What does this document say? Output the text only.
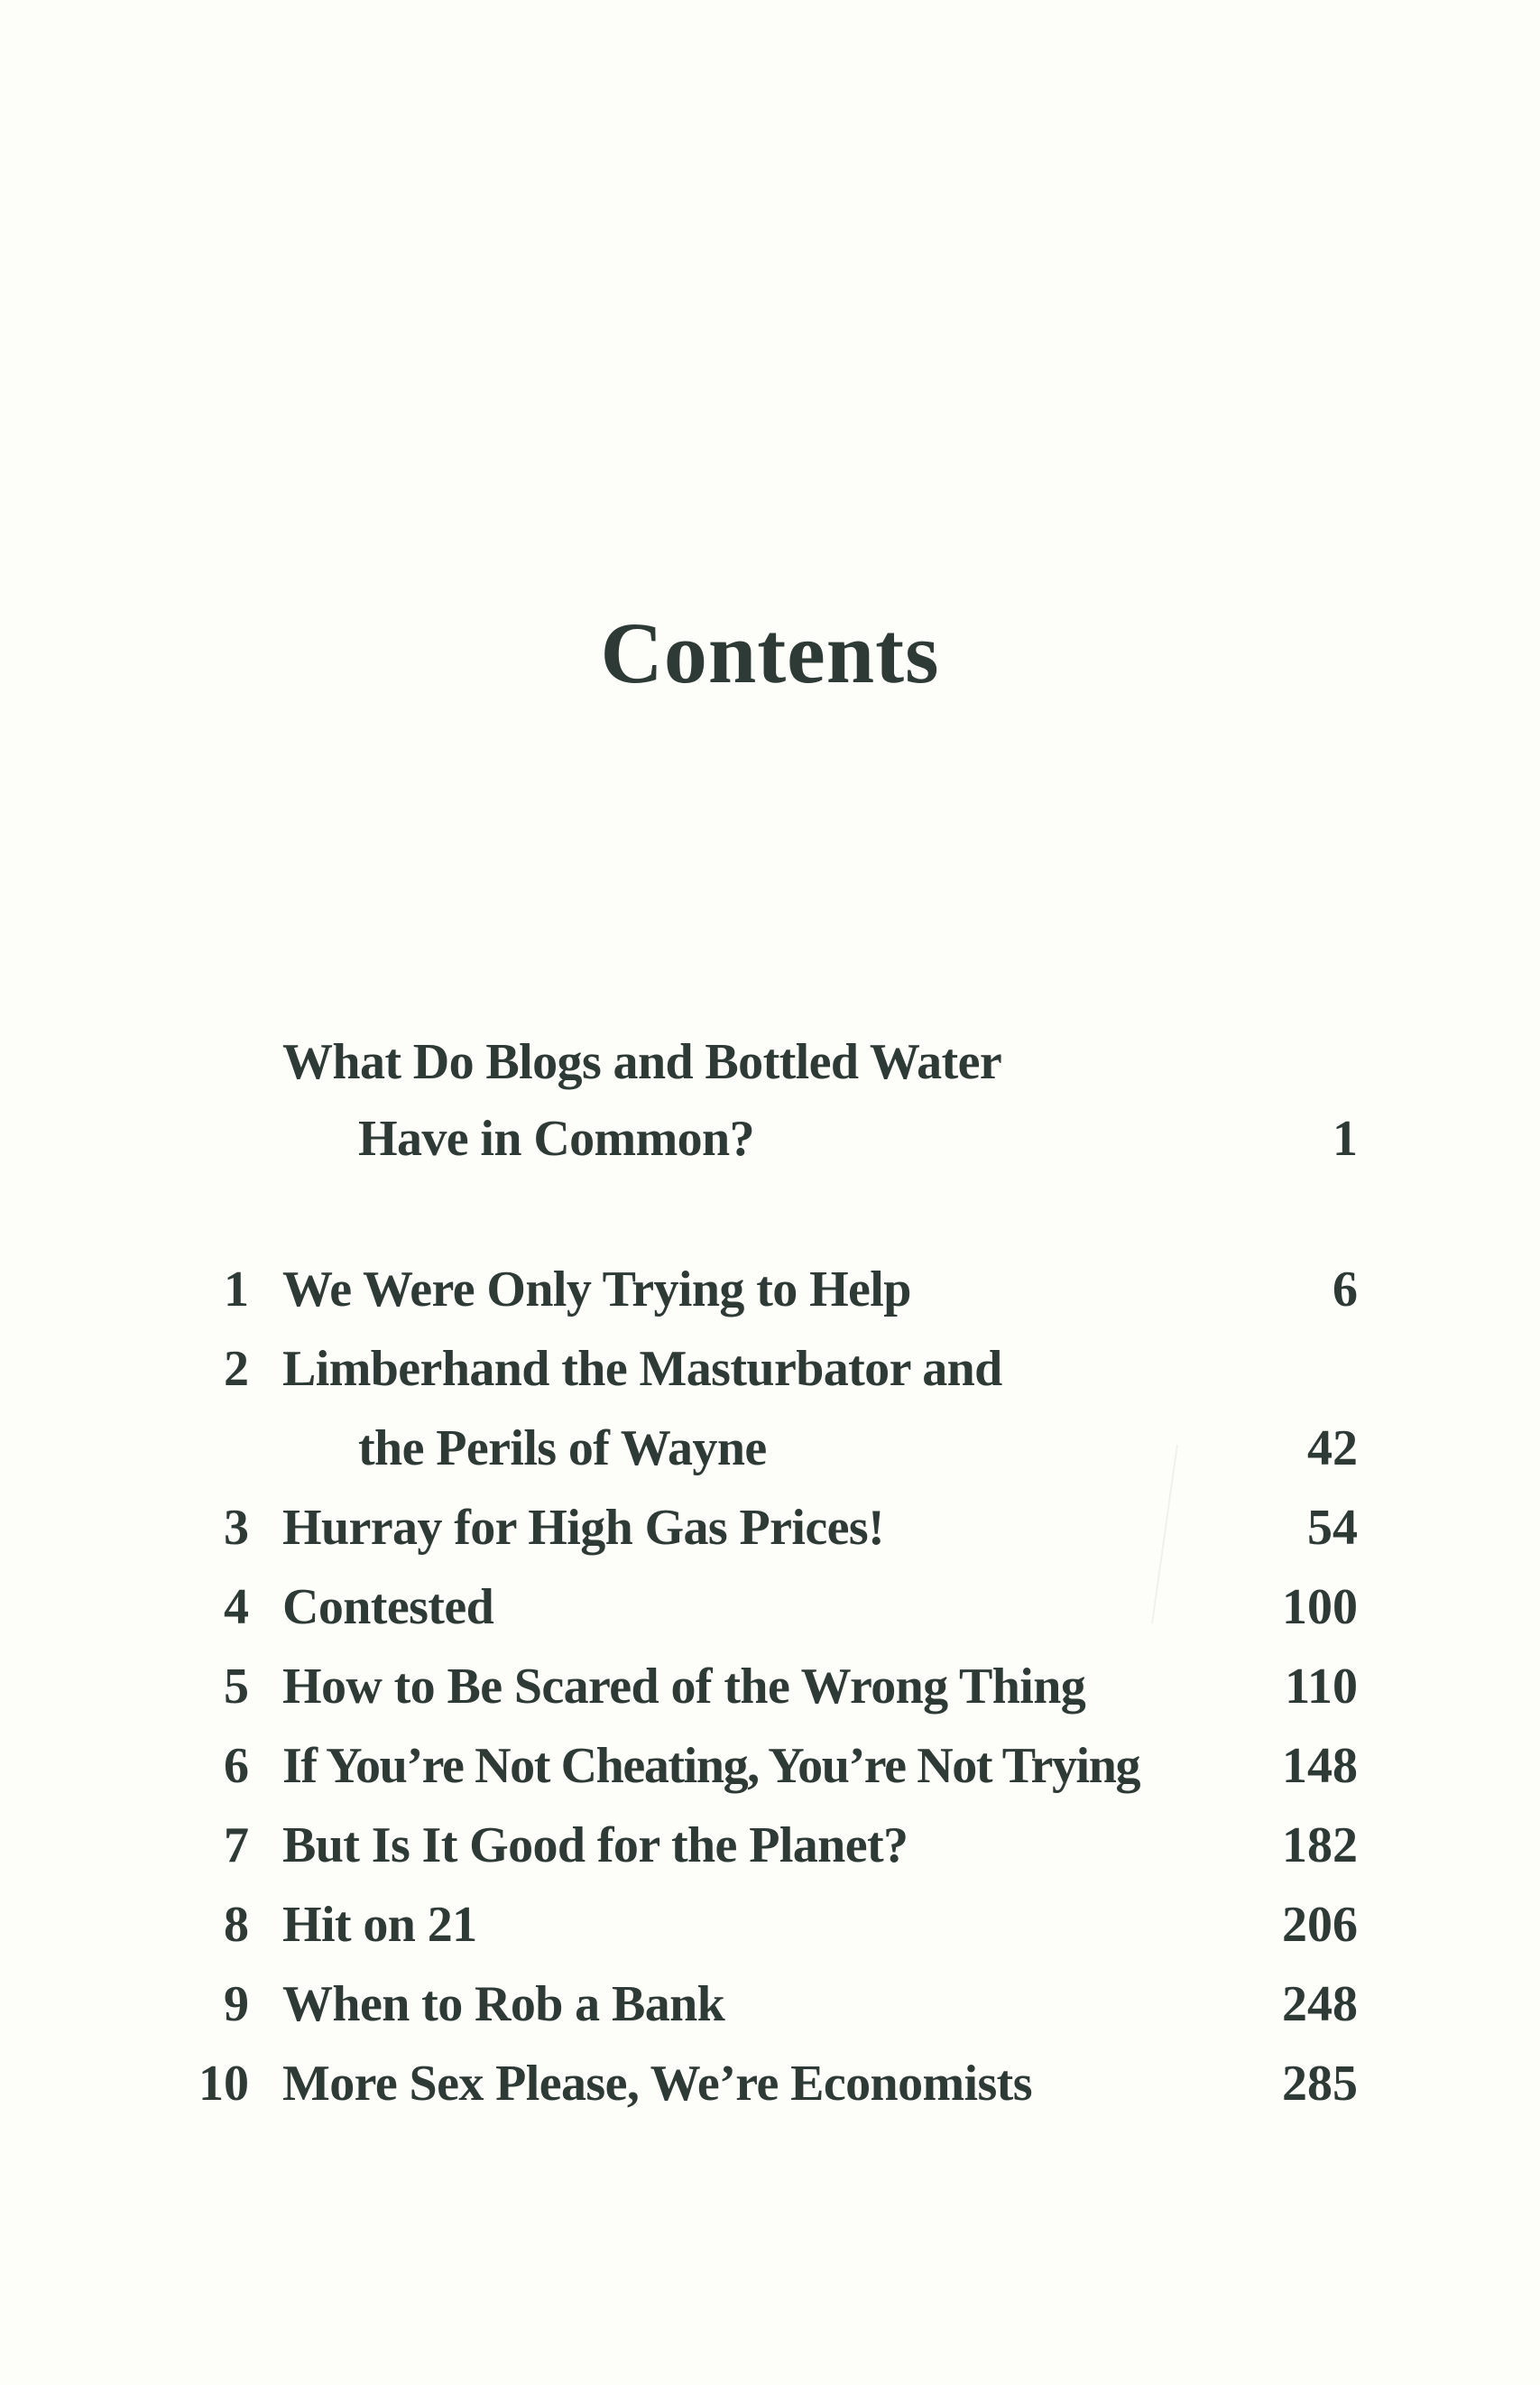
Contents
What Do Blogs and Bottled Water
Have in Common?	1
1 We Were Only Trying to Help	6
2 Limberhand the Masturbator and
the Perils of Wayne	42
3 Hurray for High Gas Prices!	54
4 Contested	100
5 How to Be Scared of the Wrong Thing	110
6 If You’re Not Cheating, You’re Not Trying	148
7 But Is It Good for the Planet?	182
8 Hit on 21	206
9 When to Rob a Bank	248
10 More Sex Please, We’re Economists	285
